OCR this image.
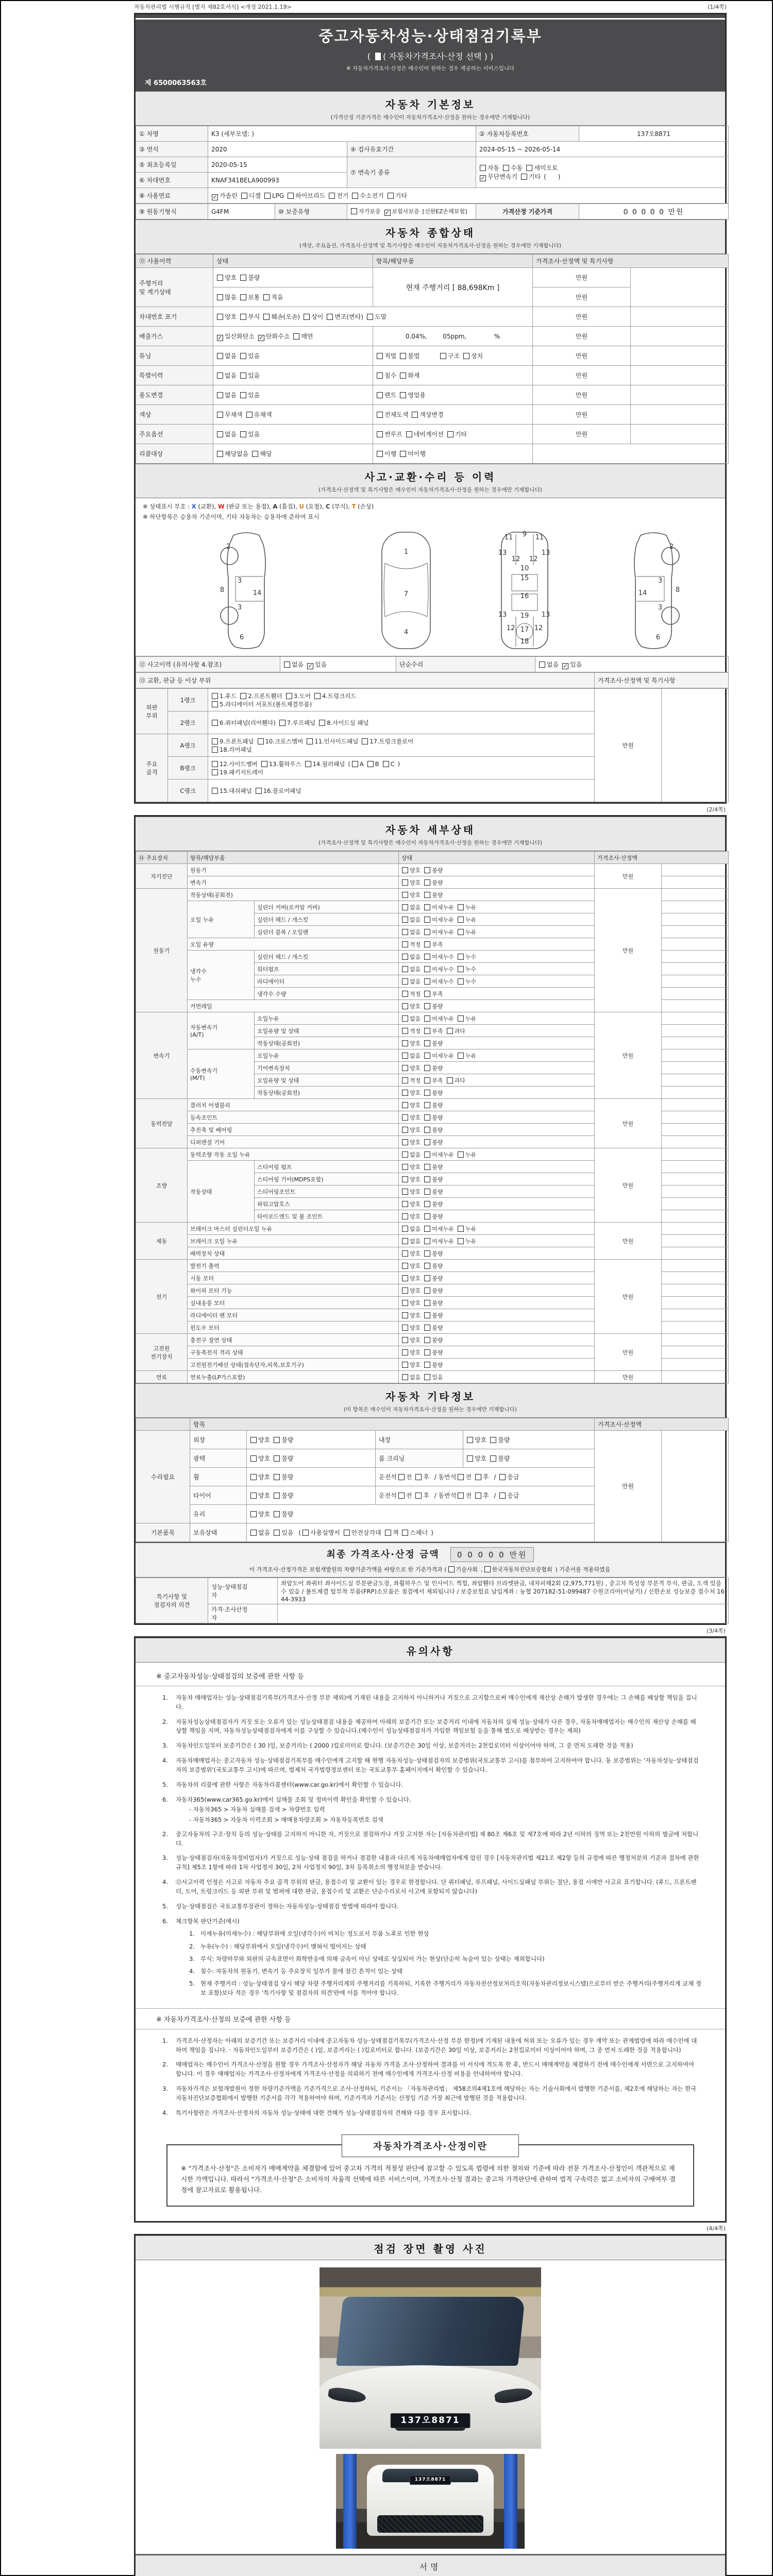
자동차관리법 시행규칙 [별지 제82호서식] <개정 2021.1.19>	(1/4쪽)
중고자동차성능·상태점검기록부
( ( 자동차가격조사·산정 선택 ) )
※ 자동차가격조사·산정은 매수인이 원하는 경우 제공하는 서비스입니다
제 6500063563호
자동차 기본정보
(가격산정 기준가격은 매수인이 자동차가격조사·산정을 원하는 경우에만 기재합니다)
① 차명	K3 (세부모델: )		② 자동차등록번호	137오8871
③ 연식	2020	④ 검사유효기간	2024-05-15 ~ 2026-05-14	
⑤ 최초등록일	2020-05-15	⑦ 변속기 종류	자동 수동 세미오토
✓무단변속기 기타 (      )
⑥ 차대번호	KNAF341BELA900993			
⑧ 사용연료	✓가솔린 디젤 LPG 하이브리드 전기 수소전기 기타
⑨ 원동기형식	G4FM	⑩ 보증유형	자가보증 ✓ 보험사보증 [신한EZ손해보험]	가격산정 기준가격	0 0 0 0 0 만원
자동차 종합상태
(색상, 주요옵션, 가격조사·산정액 및 특기사항은 매수인이 자동차가격조사·산정을 원하는 경우에만 기재합니다)
⑪ 사용이력	상태	항목/해당부품	가격조사·산정액 및 특기사항	
주행거리
및 계기상태	양호 불량	현재 주행거리 [ 88,698Km ]	만원	
	많음 보통 적음		만원	
차대번호 표기	양호 부식 훼손(오손) 상이 변조(변타) 도말		만원	
배출가스	✓일산화탄소 ✓ 탄화수소 매연	0.04%,        05ppm,              %	만원	
튜닝	없음 있음	적법 불법 구조 장치	만원	
특별이력	없음 있음	침수 화재	만원	
용도변경	없음 있음	렌트 영업용	만원	
색상	무채색 유채색	전체도색 색상변경	만원	
주요옵션	없음 있음	썬루프 네비게이션 기타	만원	
리콜대상	해당없음 해당	이행 미이행		
사고·교환·수리 등 이력
(가격조사·산정액 및 특기사항은 매수인이 자동차가격조사·산정을 원하는 경우에만 기재합니다)
※ 상태표시 부호 : X (교환), W (판금 또는 용접), A (흠집), U (요철), C (부식), T (손상)
※ 하단항목은 승용차 기준이며, 기타 자동차는 승용차에 준하여 표시
2
8
3
14
3
6
1
7
4
11 9 11
13	13
12 12
10
15
16
13 19 13
12 17 12
18
2
8
3
14
3
6
⑫ 사고이력 (유의사항 4.참조)	없음 ✓ 있음	단순수리	없음 ✓ 있음
⑬ 교환, 판금 등 이상 부위	가격조사·산정액 및 특기사항
외판
부위	1랭크	1.후드 2.프론트휀더 3.도어 4.트렁크리드
5.라디에이터 서포트(볼트체결부품)	만원	
	2랭크	6.쿼터패널(리어휀다) 7.루프패널 8.사이드실 패널		
주요
골격	A랭크	9.프론트패널 10.크로스멤버 11.인사이드패널 17.트렁크플로어
18.리어패널		
	B랭크	12.사이드멤버 13.휠하우스 14.필러패널 ( A B C )
19.패키지트레이		
	C랭크	15.대쉬패널 16.플로어패널		
(2/4쪽)
자동차 세부상태
(가격조사·산정액 및 특기사항은 매수인이 자동차가격조사·산정을 원하는 경우에만 기재합니다)
⑭ 주요장치	항목/해당부품		상태	가격조사·산정액	
자기진단	원동기		양호 불량	만원	
	변속기		양호 불량		
원동기	작동상태(공회전)		양호 불량	만원	
	오일 누유	실린더 커버(로커암 커버)	없음 미세누유 누유		
		실린더 헤드 / 개스킷	없음 미세누유 누유		
		실린더 블록 / 오일팬	없음 미세누유 누유		
	오일 유량		적정 부족		
	냉각수
누수	실린더 헤드 / 개스킷	없음 미세누수 누수		
		워터펌프	없음 미세누수 누수		
		라디에이터	없음 미세누수 누수		
		냉각수 수량	적정 부족		
	커먼레일		양호 불량		
변속기	자동변속기
(A/T)	오일누유	없음 미세누유 누유	만원	
		오일유량 및 상태	적정 부족 과다		
		작동상태(공회전)	양호 불량		
	수동변속기
(M/T)	오일누유	없음 미세누유 누유		
		기어변속장치	양호 불량		
		오일유량 및 상태	적정 부족 과다		
		작동상태(공회전)	양호 불량		
동력전달	클러치 어셈블리		양호 불량	만원	
	등속조인트		양호 불량		
	추진축 및 베어링		양호 불량		
	디퍼렌셜 기어		양호 불량		
조향	동력조향 작동 오일 누유		없음 미세누유 누유	만원	
	작동상태	스티어링 펌프	양호 불량		
		스티어링 기어(MDPS포함)	양호 불량		
		스티어링조인트	양호 불량		
		파워고압호스	양호 불량		
		타이로드엔드 및 볼 조인트	양호 불량		
제동	브레이크 마스터 실린더오일 누유		없음 미세누유 누유	만원	
	브레이크 오일 누유		없음 미세누유 누유		
	배력장치 상태		양호 불량		
전기	발전기 출력		양호 불량	만원	
	시동 모터		양호 불량		
	와이퍼 모터 기능		양호 불량		
	실내송풍 모터		양호 불량		
	라디에이터 팬 모터		양호 불량		
	윈도우 모터		양호 불량		
고전원
전기장치	충전구 절연 상태		양호 불량	만원	
	구동축전지 격리 상태		양호 불량		
	고전원전기배선 상태(접속단자,피복,보호기구)		양호 불량		
연료	연료누출(LP가스포함)		없음 있음	만원	
자동차 기타정보
(이 항목은 매수인이 자동차가격조사·산정을 원하는 경우에만 기재합니다)
	항목				가격조사·산정액	
수리필요	외장	양호 불량	내장	양호 불량	만원	
	광택	양호 불량	룸 크리닝	양호 불량		
	휠	양호 불량	운전석 전 후 / 동반석 전 후 / 응급			
	타이어	양호 불량	운전석 전 후 / 동반석 전 후 / 응급			
	유리	양호 불량				
기본품목	보유상태	없음 있음 ( 사용설명서 안전삼각대 잭 스패너 )				
최종 가격조사·산정 금액 0 0 0 0 0 만원
이 가격조사·산정가격은 보험개발원의 차량기준가액을 바탕으로 한 기준가격과 ( 기술사회 , 한국자동차진단보증협회 ) 기준서를 적용하였음
특기사항 및
점검자의 의견	성능·상태점검
자	좌앞도어 좌쿼터 좌사이드실 부분판금도장, 좌휠하우스 및 인사이드 찍힘, 좌앞휀다 브라켓판금, 내차피해2회 (2,975,771원) , 중고차 특성상 부분적 부식, 판금, 도색 있을 수 있음 / 볼트체결 탈부착 부품(FRP)소모품은 점검에서 제외됩니다 / 보증보험료 납입계좌 : 농협 207182-51-099487 수원코리아(이남기) / 신한손보 성능보증 접수처 1644-3933
	가격·조사산정
자	
(3/4쪽)
유의사항
※ 중고자동차성능·상태점검의 보증에 관한 사항 등
1.	자동차 매매업자는 성능·상태점검기록부(가격조사·산정 부분 제외)에 기재된 내용을 고지하지 아니하거나 거짓으로 고지함으로써 매수인에게 재산상 손해가 발생한 경우에는 그 손해를 배상할 책임을 집니다.
2.	자동차성능상태점검자가 거짓 또는 오류가 있는 성능상태점검 내용을 제공하여 아래의 보증기간 또는 보증거리 이내에 자동차의 실제 성능·상태가 다른 경우, 자동차매매업자는 매수인의 재산상 손해를 배상할 책임을 지며, 자동차성능상태점검자에게 이를 구상할 수 있습니다.(매수인이 성능상태점검자가 가입한 책임보험 등을 통해 별도로 배상받는 경우는 제외)
3.	자동차인도일부터 보증기간은 ( 30 )일, 보증거리는 ( 2000 )킬로미터로 합니다. (보증기간은 30일 이상, 보증거리는 2천킬로미터 이상이어야 하며, 그 중 먼저 도래한 것을 적용)
4.	자동차매매업자는 중고자동차 성능·상태점검기록부를 매수인에게 고지할 때 현행 자동차성능·상태점검자의 보증범위(국토교통부 고시)를 첨부하여 고지하여야 합니다. 동 보증범위는 '자동차성능·상태점검자의 보증범위'(국토교통부 고시)에 따르며, 법제처 국가법령정보센터 또는 국토교통부 홈페이지에서 확인할 수 있습니다.
5.	자동차의 리콜에 관한 사항은 자동차리콜센터(www.car.go.kr)에서 확인할 수 있습니다.
6.	자동차365(www.car365.go.kr)에서 실매물 조회 및 정비이력 확인을 확인할 수 있습니다.
- 자동차365 > 자동차 실매물 검색 > 차량번호 입력
- 자동차365 > 자동차 이력조회 > 매매용차량조회 > 자동차등록번호 검색
2.	중고자동차의 구조·장치 등의 성능·상태를 고지하지 아니한 자, 거짓으로 점검하거나 거짓 고지한 자는 [자동차관리법] 제 80조 제6호 및 제7호에 따라 2년 이하의 징역 또는 2천만원 이하의 벌금에 처합니다.
3.	성능·상태점검자(자동차정비업자)가 거짓으로 성능·상태 점검을 하거나 점검한 내용과 다르게 자동차매매업자에게 알린 경우 [자동차관리법 제21조 제2항 등의 규정에 따른 행정처분의 기준과 절차에 관한 규칙] 제5조 1항에 따라 1차 사업정지 30일, 2차 사업정지 90일, 3차 등록취소의 행정처분을 받습니다.
4.	⑫사고이력 인정은 사고로 자동차 주요 골격 부위의 판금, 용접수리 및 교환이 있는 경우로 한정합니다. 단 쿼터패널, 루프패널, 사이드실패널 부위는 절단, 용접 시에만 사고로 표기합니다. (후드, 프론트펜더, 도어, 트렁크리드 등 외판 부위 및 범퍼에 대한 판금, 용접수리 및 교환은 단순수리로서 사고에 포함되지 않습니다)
5.	성능·상태점검은 국토교통부장관이 정하는 자동차성능·상태점검 방법에 따라야 합니다.
6.	체크항목 판단기준(예시)
1. 미세누유(미세누수) : 해당부위에 오일(냉각수)이 비치는 정도로서 부품 노후로 인한 현상
2. 누유(누수) : 해당부위에서 오일(냉각수)이 맺혀서 떨어지는 상태
3. 부식: 차량하부와 외판의 금속표면이 화학반응에 의해 금속이 아닌 상태로 상실되어 가는 현상(단순히 녹슬어 있는 상태는 제외합니다)
4. 침수: 자동차의 원동기, 변속기 등 주요장치 일부가 물에 잠긴 흔적이 있는 상태
5. 현재 주행거리 : 성능·상태점검 당시 해당 차량 주행거리계의 주행거리를 기록하되, 기록한 주행거리가 자동차전산정보처리조직(자동차관리정보시스템)으로부터 받은 주행거리(주행거리계 교체 정보 포함)보다 적은 경우 '특기사항 및 점검자의 의견'란에 이를 적어야 합니다.
※ 자동차가격조사·산정의 보증에 관한 사항 등
1.	가격조사·산정자는 아래의 보증기간 또는 보증거리 이내에 중고자동차 성능·상태점검기록부(가격조사·산정 부분 한정)에 기재된 내용에 허위 또는 오류가 있는 경우 계약 또는 관계법령에 따라 매수인에 대하여 책임을 집니다. · 자동차인도일부터 보증기간은 ( )일, 보증거리는 ( )킬로미터로 합니다. (보증기간은 30일 이상, 보증거리는 2천킬로미터 이상이어야 하며, 그 중 먼저 도래한 것을 적용합니다)
2.	매매업자는 매수인이 가격조사·산정을 원할 경우 가격조사·산정자가 해당 자동차 가격을 조사·산정하여 결과를 이 서식에 적도록 한 후, 반드시 매매계약을 체결하기 전에 매수인에게 서면으로 고지하여야 합니다. 이 경우 매매업자는 가격조사·산정자에게 가격조사·산정을 의뢰하기 전에 매수인에게 가격조사·산정 비용을 안내하여야 합니다.
3.	자동차가격은 보험개발원이 정한 차량기준가액을 기준가격으로 조사·산정하되, 기준서는 「자동차관리법」 제58조의4제1호에 해당하는 자는 기술사회에서 발행한 기준서를, 제2호에 해당하는 자는 한국자동차진단보증협회에서 발행한 기준서를 각각 적용하여야 하며, 기준가격과 기준서는 산정일 기준 가장 최근에 발행된 것을 적용합니다.
4.	특기사항란은 가격조사·산정자의 자동차 성능·상태에 대한 견해가 성능·상태점검자의 견해와 다를 경우 표시합니다.
자동차가격조사·산정이란
※ "가격조사·산정"은 소비자가 매매계약을 체결함에 있어 중고차 가격의 적절성 판단에 참고할 수 있도록 법령에 의한 절차와 기준에 따라 전문 가격조사·산정인이 객관적으로 제시한 가액입니다. 따라서 "가격조사·산정"은 소비자의 자율적 선택에 따른 서비스이며, 가격조사·산정 결과는 중고차 가격판단에 관하여 법적 구속력은 없고 소비자의 구매여부 결정에 참고자료로 활용됩니다.
(4/4쪽)
점검 장면 촬영 사진
137오8871
137오8871
서명
